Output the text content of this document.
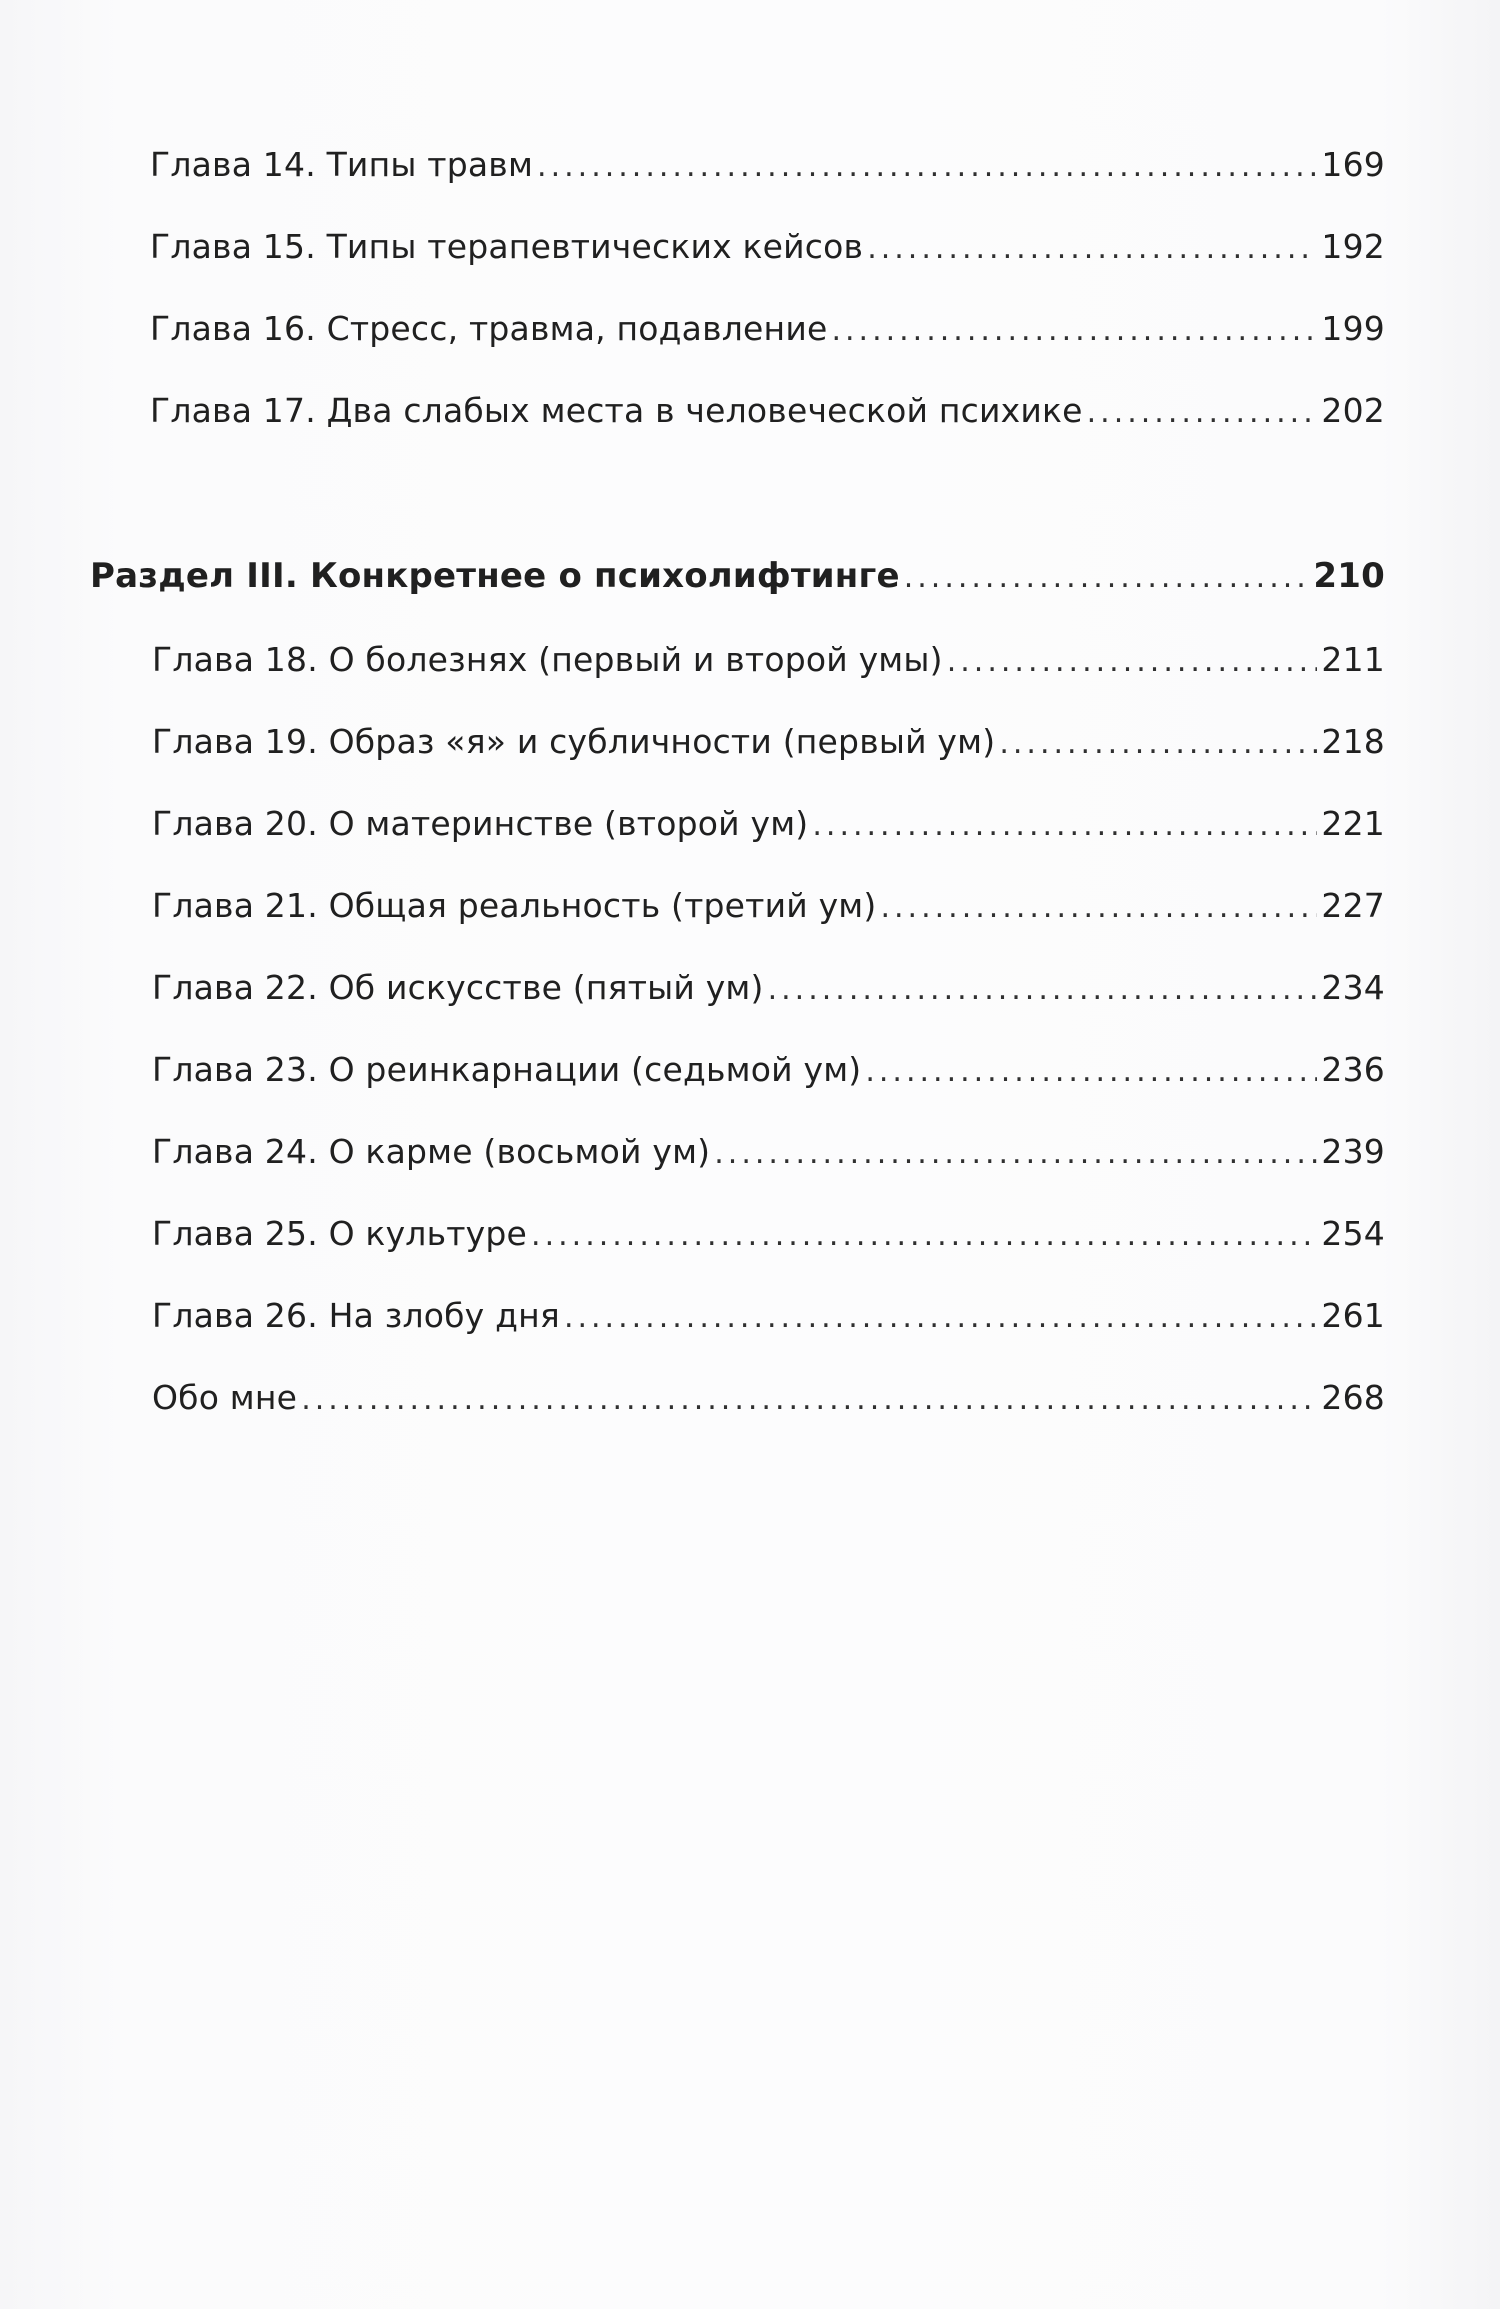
Глава 14. Типы травм .....	169
Глава 15. Типы терапевтических кейсов .....	192
Глава 16. Стресс, травма, подавление .....	199
Глава 17. Два слабых места в человеческой психике .....	202
Раздел III. Конкретнее о психолифтинге .....	210
Глава 18. О болезнях (первый и второй умы) .....	211
Глава 19. Образ «я» и субличности (первый ум) .....	218
Глава 20. О материнстве (второй ум) .....	221
Глава 21. Общая реальность (третий ум) .....	227
Глава 22. Об искусстве (пятый ум) .....	234
Глава 23. О реинкарнации (седьмой ум) .....	236
Глава 24. О карме (восьмой ум) .....	239
Глава 25. О культуре .....	254
Глава 26. На злобу дня .....	261
Обо мне .....	268
